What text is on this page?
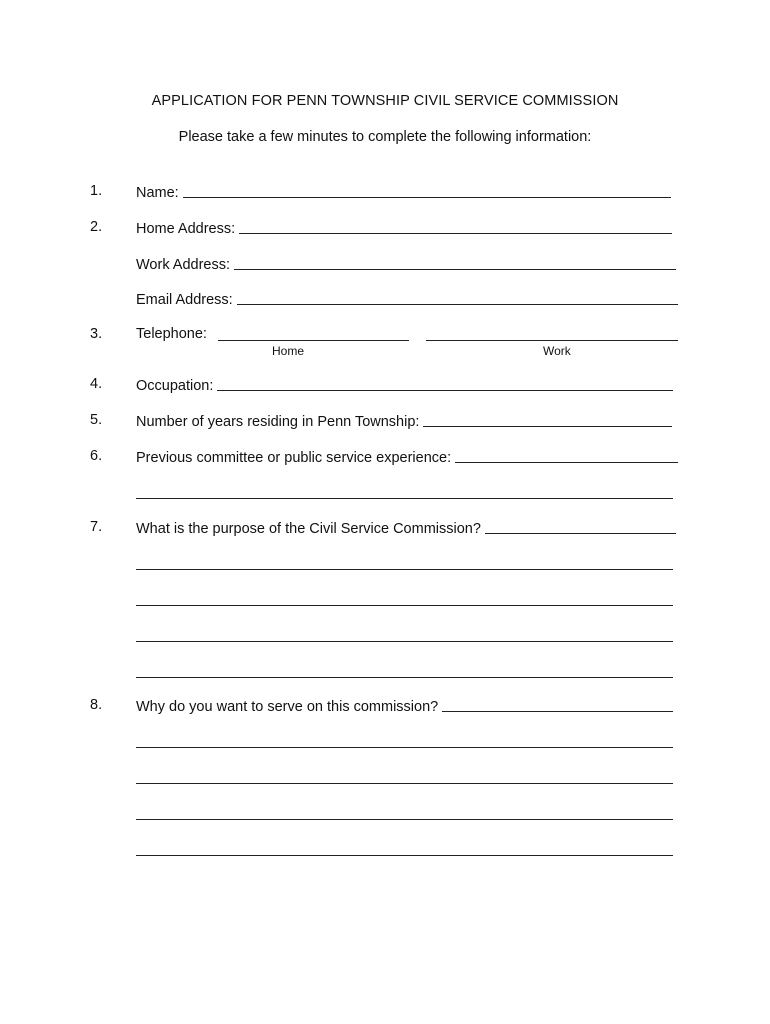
APPLICATION FOR PENN TOWNSHIP CIVIL SERVICE COMMISSION
Please take a few minutes to complete the following information:
1. Name:
2. Home Address:
Work Address:
Email Address:
3. Telephone:
Home	Work
4. Occupation:
5. Number of years residing in Penn Township:
6. Previous committee or public service experience:
7. What is the purpose of the Civil Service Commission?
8. Why do you want to serve on this commission?
